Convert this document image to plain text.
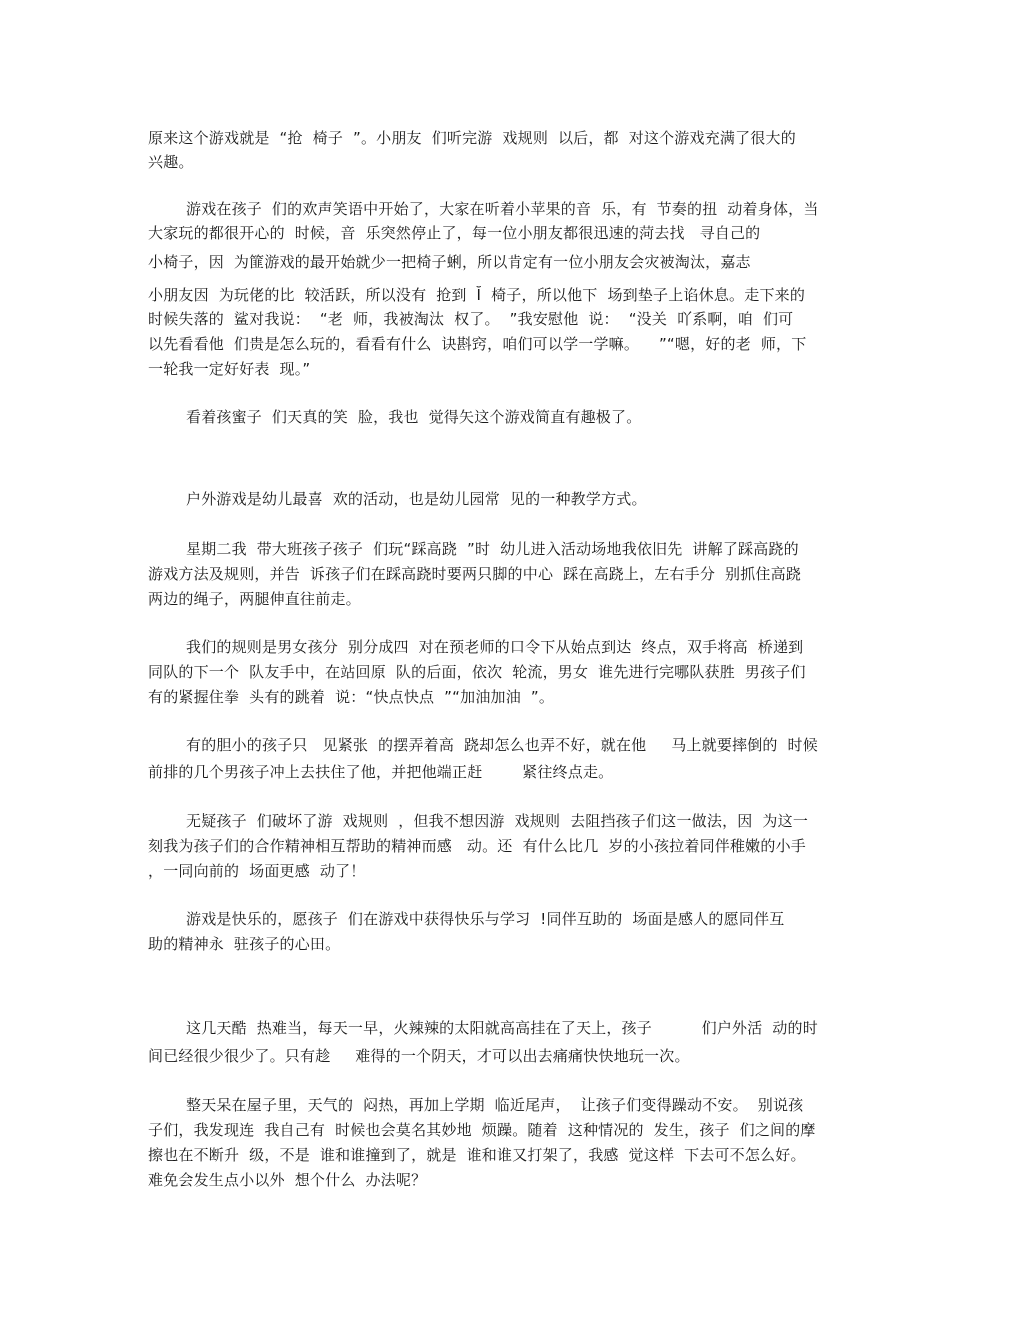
原来这个游戏就是  “抢  椅子  ”。小朋友  们听完游  戏规则  以后，都  对这个游戏充满了很大的
兴趣。
游戏在孩子  们的欢声笑语中开始了，大家在听着小苹果的音  乐，有  节奏的扭  动着身体，当
大家玩的都很开心的  时候，音  乐突然停止了，每一位小朋友都很迅速的菏去找   寻自己的
小椅子，因  为篚游戏的最开始就少一把椅子蜊，所以肯定有一位小朋友会灾被淘汰，嘉志
小朋友因  为玩佬的比  较活跃，所以没有  抢到  Ĭ  椅子，所以他下  场到垫子上谄休息。走下来的
时候失落的  鲨对我说：  “老  师，我被淘汰  权了。  ”我安慰他  说：  “没关  吖系啊，咱  们可
以先看看他  们贵是怎么玩的，看看有什么  诀斟窍，咱们可以学一学嘛。    ”“嗯，好的老  师，下
一轮我一定好好表  现。”
看着孩蜜子  们天真的笑  脸，我也  觉得矢这个游戏简直有趣极了。
户外游戏是幼儿最喜  欢的活动，也是幼儿园常  见的一种教学方式。
星期二我  带大班孩子孩子  们玩“踩高跷  ”时  幼儿进入活动场地我依旧先  讲解了踩高跷的
游戏方法及规则，并告  诉孩子们在踩高跷时要两只脚的中心  踩在高跷上，左右手分  别抓住高跷
两边的绳子，两腿伸直往前走。
我们的规则是男女孩分  别分成四  对在预老师的口令下从始点到达  终点，双手将高  桥递到
同队的下一个  队友手中，在站回原  队的后面，依次  轮流，男女  谁先进行完哪队获胜  男孩子们
有的紧握住拳  头有的跳着  说：“快点快点  ”“加油加油  ”。
有的胆小的孩子只   见紧张  的摆弄着高  跷却怎么也弄不好，就在他     马上就要摔倒的  时候
前排的几个男孩子冲上去扶住了他，并把他端正赶        紧往终点走。
无疑孩子  们破坏了游  戏规则  ，但我不想因游  戏规则  去阻挡孩子们这一做法，因  为这一
刻我为孩子们的合作精神相互帮助的精神而感   动。还  有什么比几  岁的小孩拉着同伴稚嫩的小手
，一同向前的  场面更感  动了！
游戏是快乐的，愿孩子  们在游戏中获得快乐与学习  !同伴互助的  场面是感人的愿同伴互
助的精神永  驻孩子的心田。
这几天酷  热难当，每天一早，火辣辣的太阳就高高挂在了天上，孩子          们户外活  动的时
间已经很少很少了。只有趁     难得的一个阴天，才可以出去痛痛快快地玩一次。
整天呆在屋子里，天气的  闷热，再加上学期  临近尾声，  让孩子们变得躁动不安。  别说孩
子们，我发现连  我自己有  时候也会莫名其妙地  烦躁。随着  这种情况的  发生，孩子  们之间的摩
擦也在不断升  级，不是  谁和谁撞到了，就是  谁和谁又打架了，我感  觉这样  下去可不怎么好。
难免会发生点小以外  想个什么  办法呢？
